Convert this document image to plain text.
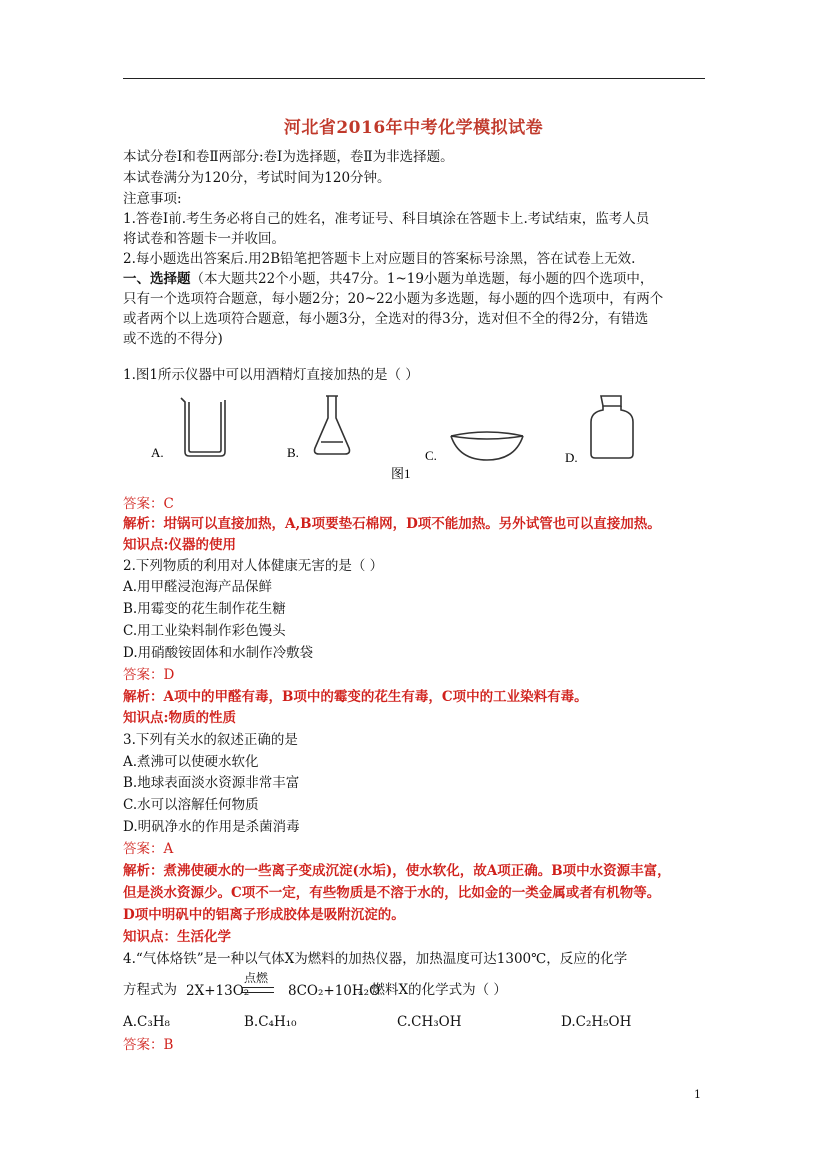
河北省2016年中考化学模拟试卷
本试分卷Ⅰ和卷Ⅱ两部分:卷Ⅰ为选择题，卷Ⅱ为非选择题。
本试卷满分为120分，考试时间为120分钟。
注意事项:
1.答卷Ⅰ前.考生务必将自己的姓名，准考证号、科目填涂在答题卡上.考试结束，监考人员
将试卷和答题卡一并收回。
2.每小题选出答案后.用2B铅笔把答题卡上对应题目的答案标号涂黑，答在试卷上无效.
一、选择题（本大题共22个小题，共47分。1~19小题为单选题，每小题的四个选项中，
只有一个选项符合题意，每小题2分；20~22小题为多选题，每小题的四个选项中，有两个
或者两个以上选项符合题意，每小题3分，全选对的得3分，选对但不全的得2分，有错选
或不选的不得分)
1.图1所示仪器中可以用酒精灯直接加热的是（ ）
A.	B.	C.	D.
图1
答案：C
解析：坩锅可以直接加热，A,B项要垫石棉网，D项不能加热。另外试管也可以直接加热。
知识点:仪器的使用
2.下列物质的利用对人体健康无害的是（ ）
A.用甲醛浸泡海产品保鲜
B.用霉变的花生制作花生糖
C.用工业染料制作彩色馒头
D.用硝酸铵固体和水制作冷敷袋
答案：D
解析：A项中的甲醛有毒，B项中的霉变的花生有毒，C项中的工业染料有毒。
知识点:物质的性质
3.下列有关水的叙述正确的是
A.煮沸可以使硬水软化
B.地球表面淡水资源非常丰富
C.水可以溶解任何物质
D.明矾净水的作用是杀菌消毒
答案：A
解析：煮沸使硬水的一些离子变成沉淀(水垢)，使水软化，故A项正确。B项中水资源丰富，
但是淡水资源少。C项不一定，有些物质是不溶于水的，比如金的一类金属或者有机物等。
D项中明矾中的铝离子形成胶体是吸附沉淀的。
知识点：生活化学
4.“气体烙铁”是一种以气体X为燃料的加热仪器，加热温度可达1300℃，反应的化学
方程式为 2X+13O₂
点燃
8CO₂+10H₂O
。燃料X的化学式为（ ）
A.C₃H₈	B.C₄H₁₀	C.CH₃OH	D.C₂H₅OH
答案：B
1
